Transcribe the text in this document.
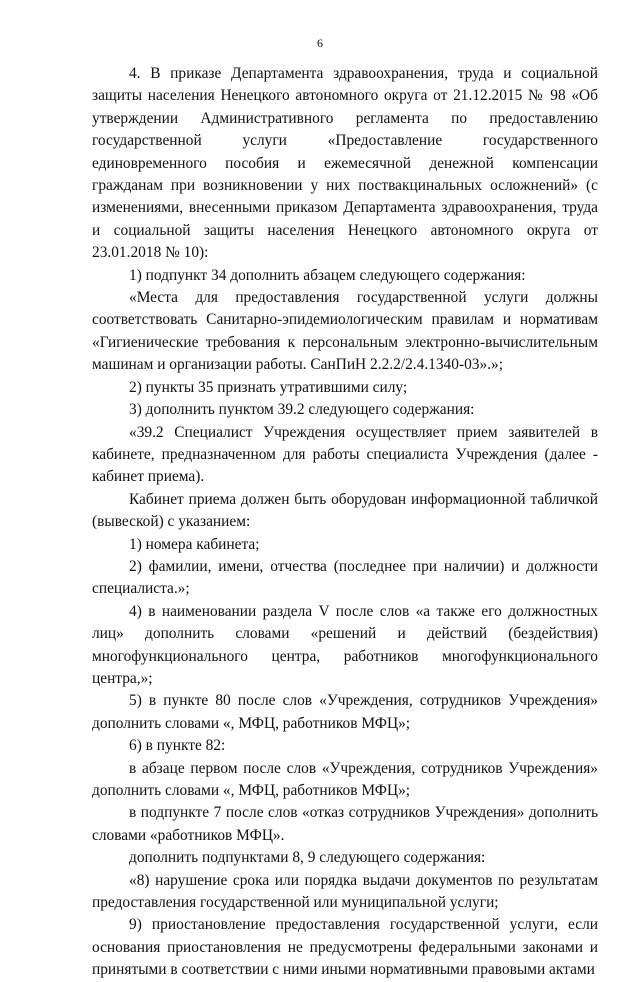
6

4. В приказе Департамента здравоохранения, труда и социальной защиты населения Ненецкого автономного округа от 21.12.2015 № 98 «Об утверждении Административного регламента по предоставлению государственной услуги «Предоставление государственного единовременного пособия и ежемесячной денежной компенсации гражданам при возникновении у них поствакцинальных осложнений» (с изменениями, внесенными приказом Департамента здравоохранения, труда и социальной защиты населения Ненецкого автономного округа от 23.01.2018 № 10):

1) подпункт 34 дополнить абзацем следующего содержания:

«Места для предоставления государственной услуги должны соответствовать Санитарно-эпидемиологическим правилам и нормативам «Гигиенические требования к персональным электронно-вычислительным машинам и организации работы. СанПиН 2.2.2/2.4.1340-03».»;

2) пункты 35 признать утратившими силу;

3) дополнить пунктом 39.2 следующего содержания:

«39.2 Специалист Учреждения осуществляет прием заявителей в кабинете, предназначенном для работы специалиста Учреждения (далее - кабинет приема).

Кабинет приема должен быть оборудован информационной табличкой (вывеской) с указанием:

1) номера кабинета;

2) фамилии, имени, отчества (последнее при наличии) и должности специалиста.»;

4) в наименовании раздела V после слов «а также его должностных лиц» дополнить словами «решений и действий (бездействия) многофункционального центра, работников многофункционального центра,»;

5) в пункте 80 после слов «Учреждения, сотрудников Учреждения» дополнить словами «, МФЦ, работников МФЦ»;

6) в пункте 82:

в абзаце первом после слов «Учреждения, сотрудников Учреждения» дополнить словами «, МФЦ, работников МФЦ»;

в подпункте 7 после слов «отказ сотрудников Учреждения» дополнить словами «работников МФЦ».

дополнить подпунктами 8, 9 следующего содержания:

«8) нарушение срока или порядка выдачи документов по результатам предоставления государственной или муниципальной услуги;

9) приостановление предоставления государственной услуги, если основания приостановления не предусмотрены федеральными законами и принятыми в соответствии с ними иными нормативными правовыми актами
